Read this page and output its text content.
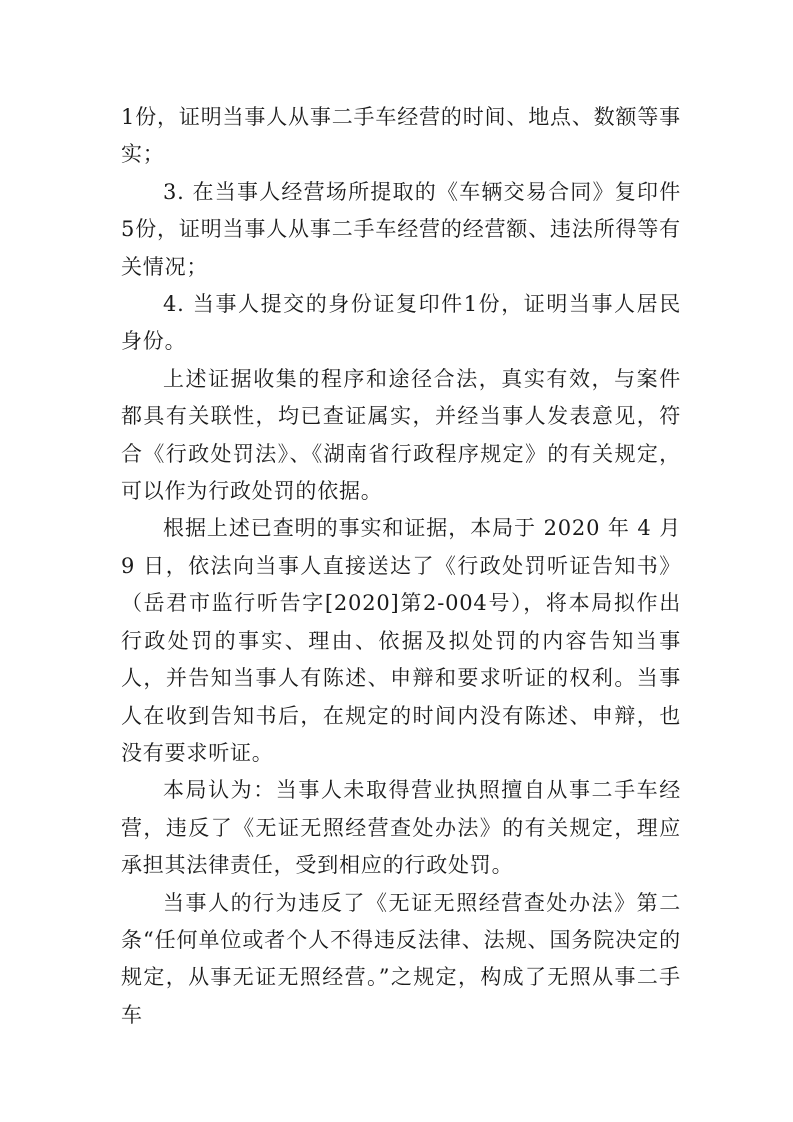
1份，证明当事人从事二手车经营的时间、地点、数额等事实；

3. 在当事人经营场所提取的《车辆交易合同》复印件5份，证明当事人从事二手车经营的经营额、违法所得等有关情况；

4. 当事人提交的身份证复印件1份，证明当事人居民身份。

上述证据收集的程序和途径合法，真实有效，与案件都具有关联性，均已查证属实，并经当事人发表意见，符合《行政处罚法》、《湖南省行政程序规定》的有关规定，可以作为行政处罚的依据。

根据上述已查明的事实和证据，本局于 2020 年 4 月 9 日，依法向当事人直接送达了《行政处罚听证告知书》（岳君市监行听告字[2020]第2-004号），将本局拟作出行政处罚的事实、理由、依据及拟处罚的内容告知当事人，并告知当事人有陈述、申辩和要求听证的权利。当事人在收到告知书后，在规定的时间内没有陈述、申辩，也没有要求听证。

本局认为：当事人未取得营业执照擅自从事二手车经营，违反了《无证无照经营查处办法》的有关规定，理应承担其法律责任，受到相应的行政处罚。

当事人的行为违反了《无证无照经营查处办法》第二条“任何单位或者个人不得违反法律、法规、国务院决定的规定，从事无证无照经营。”之规定，构成了无照从事二手车
